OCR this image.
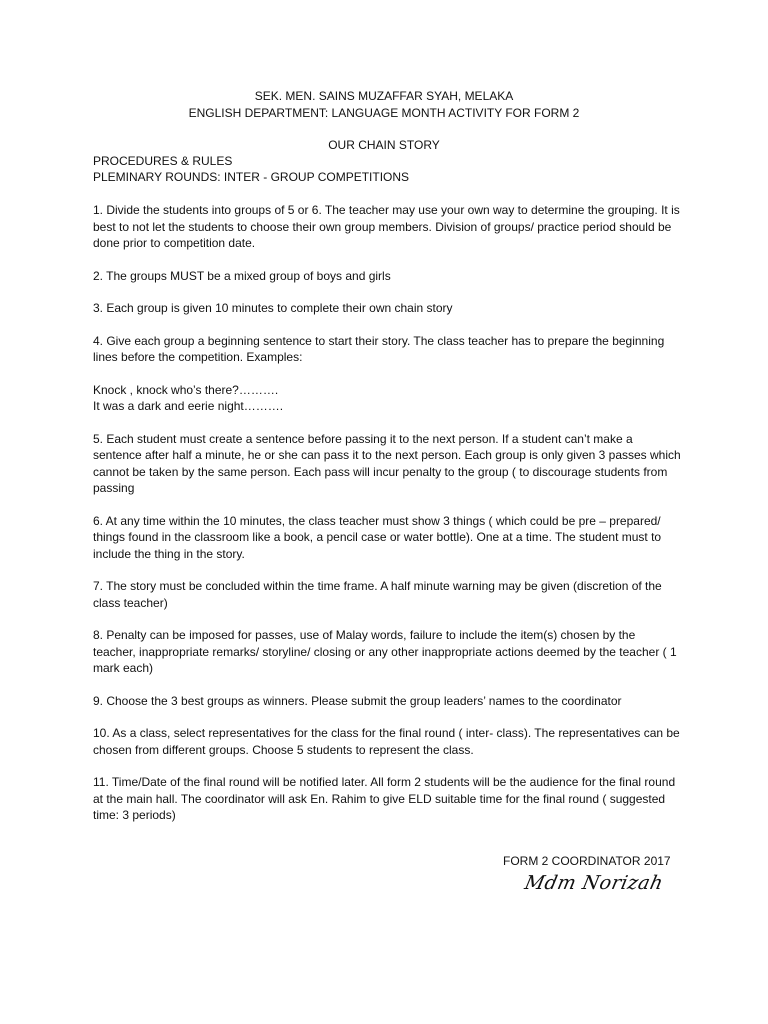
SEK. MEN. SAINS MUZAFFAR SYAH, MELAKA
ENGLISH DEPARTMENT: LANGUAGE MONTH ACTIVITY FOR FORM 2
OUR CHAIN STORY
PROCEDURES & RULES
PLEMINARY ROUNDS: INTER - GROUP COMPETITIONS

1. Divide the students into groups of 5 or 6. The teacher may use your own way to determine the grouping. It is best to not let the students to choose their own group members. Division of groups/ practice period should be done prior to competition date.

2. The groups MUST be a mixed group of boys and girls

3. Each group is given 10 minutes to complete their own chain story

4. Give each group a beginning sentence to start their story. The class teacher has to prepare the beginning lines before the competition. Examples:

Knock , knock who’s there?……….
It was a dark and eerie night……….

5. Each student must create a sentence before passing it to the next person. If a student can’t make a sentence after half a minute, he or she can pass it to the next person. Each group is only given 3 passes which cannot be taken by the same person. Each pass will incur penalty to the group ( to discourage students from passing

6. At any time within the 10 minutes, the class teacher must show 3 things ( which could be pre – prepared/ things found in the classroom like a book, a pencil case or water bottle). One at a time. The student must to include the thing in the story.

7. The story must be concluded within the time frame. A half minute warning may be given (discretion of the class teacher)

8. Penalty can be imposed for passes, use of Malay words, failure to include the item(s) chosen by the teacher, inappropriate remarks/ storyline/ closing or any other inappropriate actions deemed by the teacher ( 1 mark each)

9. Choose the 3 best groups as winners. Please submit the group leaders’ names to the coordinator

10. As a class, select representatives for the class for the final round ( inter- class). The representatives can be chosen from different groups. Choose 5 students to represent the class.

11. Time/Date of the final round will be notified later. All form 2 students will be the audience for the final round at the main hall. The coordinator will ask En. Rahim to give ELD suitable time for the final round ( suggested time: 3 periods)

FORM 2 COORDINATOR 2017
Mdm Norizah
